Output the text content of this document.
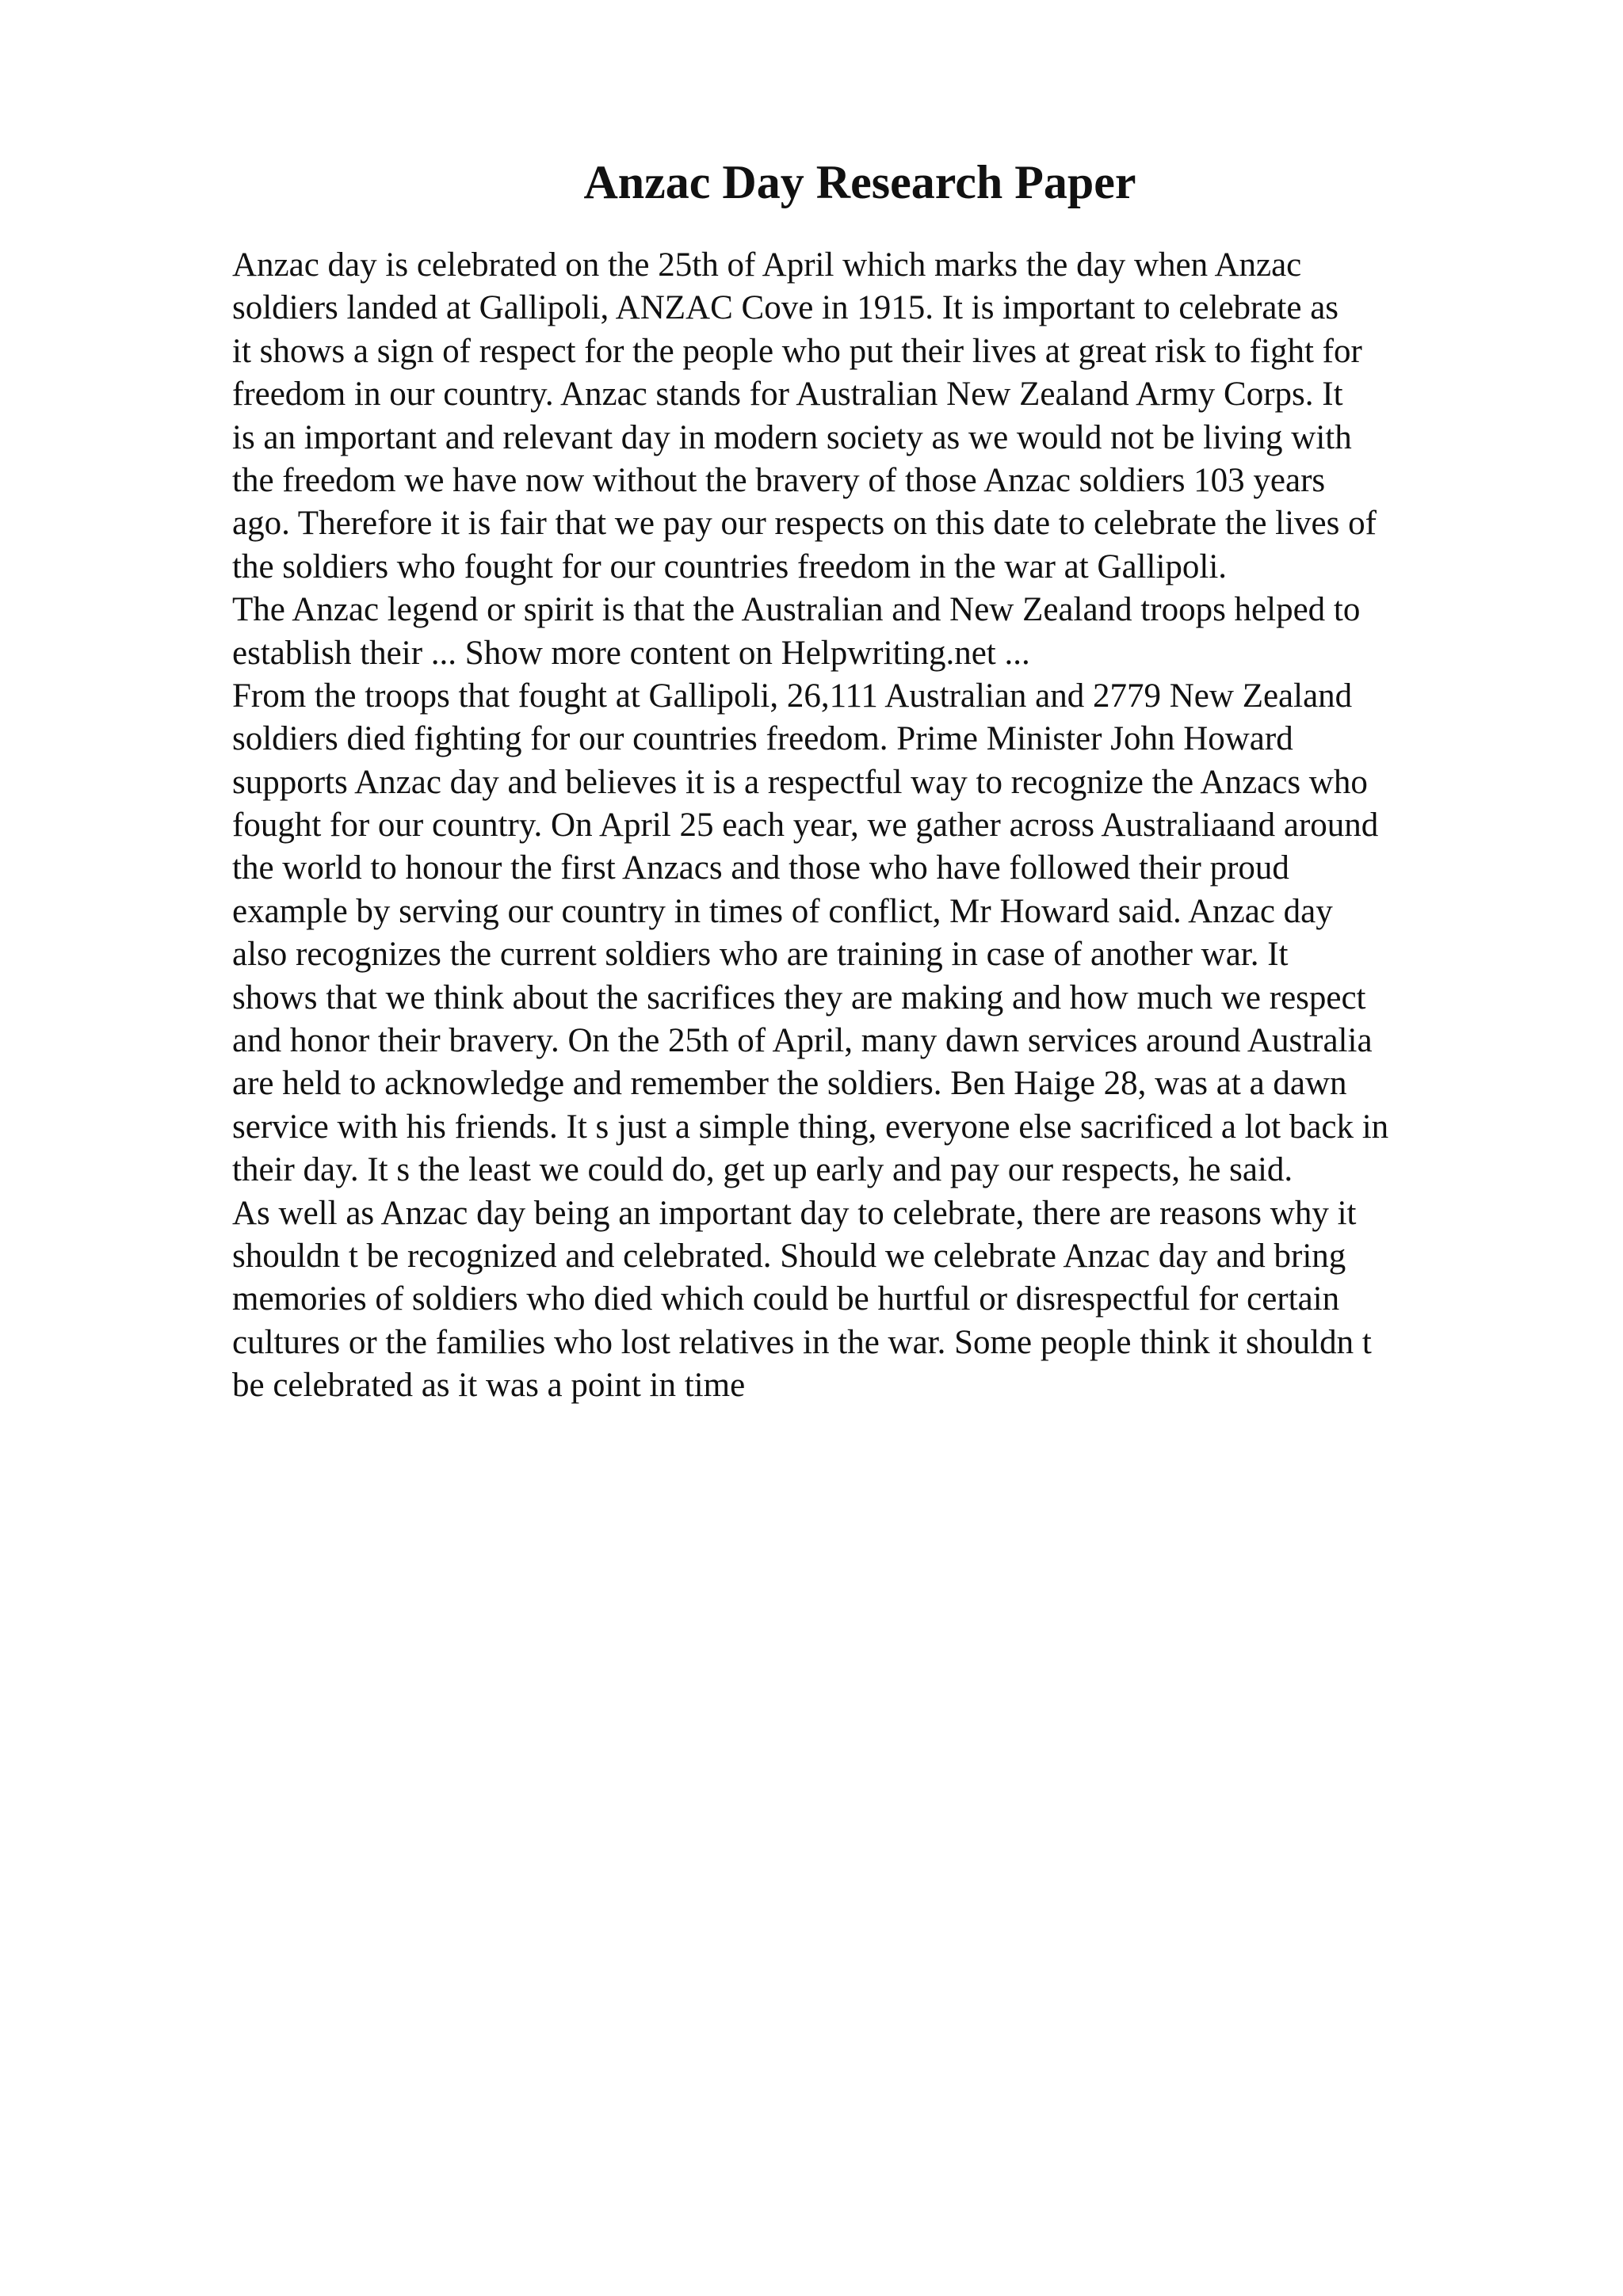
Anzac Day Research Paper
Anzac day is celebrated on the 25th of April which marks the day when Anzac
soldiers landed at Gallipoli, ANZAC Cove in 1915. It is important to celebrate as
it shows a sign of respect for the people who put their lives at great risk to fight for
freedom in our country. Anzac stands for Australian New Zealand Army Corps. It
is an important and relevant day in modern society as we would not be living with
the freedom we have now without the bravery of those Anzac soldiers 103 years
ago. Therefore it is fair that we pay our respects on this date to celebrate the lives of
the soldiers who fought for our countries freedom in the war at Gallipoli.
The Anzac legend or spirit is that the Australian and New Zealand troops helped to
establish their ... Show more content on Helpwriting.net ...
From the troops that fought at Gallipoli, 26,111 Australian and 2779 New Zealand
soldiers died fighting for our countries freedom. Prime Minister John Howard
supports Anzac day and believes it is a respectful way to recognize the Anzacs who
fought for our country. On April 25 each year, we gather across Australiaand around
the world to honour the first Anzacs and those who have followed their proud
example by serving our country in times of conflict, Mr Howard said. Anzac day
also recognizes the current soldiers who are training in case of another war. It
shows that we think about the sacrifices they are making and how much we respect
and honor their bravery. On the 25th of April, many dawn services around Australia
are held to acknowledge and remember the soldiers. Ben Haige 28, was at a dawn
service with his friends. It s just a simple thing, everyone else sacrificed a lot back in
their day. It s the least we could do, get up early and pay our respects, he said.
As well as Anzac day being an important day to celebrate, there are reasons why it
shouldn t be recognized and celebrated. Should we celebrate Anzac day and bring
memories of soldiers who died which could be hurtful or disrespectful for certain
cultures or the families who lost relatives in the war. Some people think it shouldn t
be celebrated as it was a point in time
